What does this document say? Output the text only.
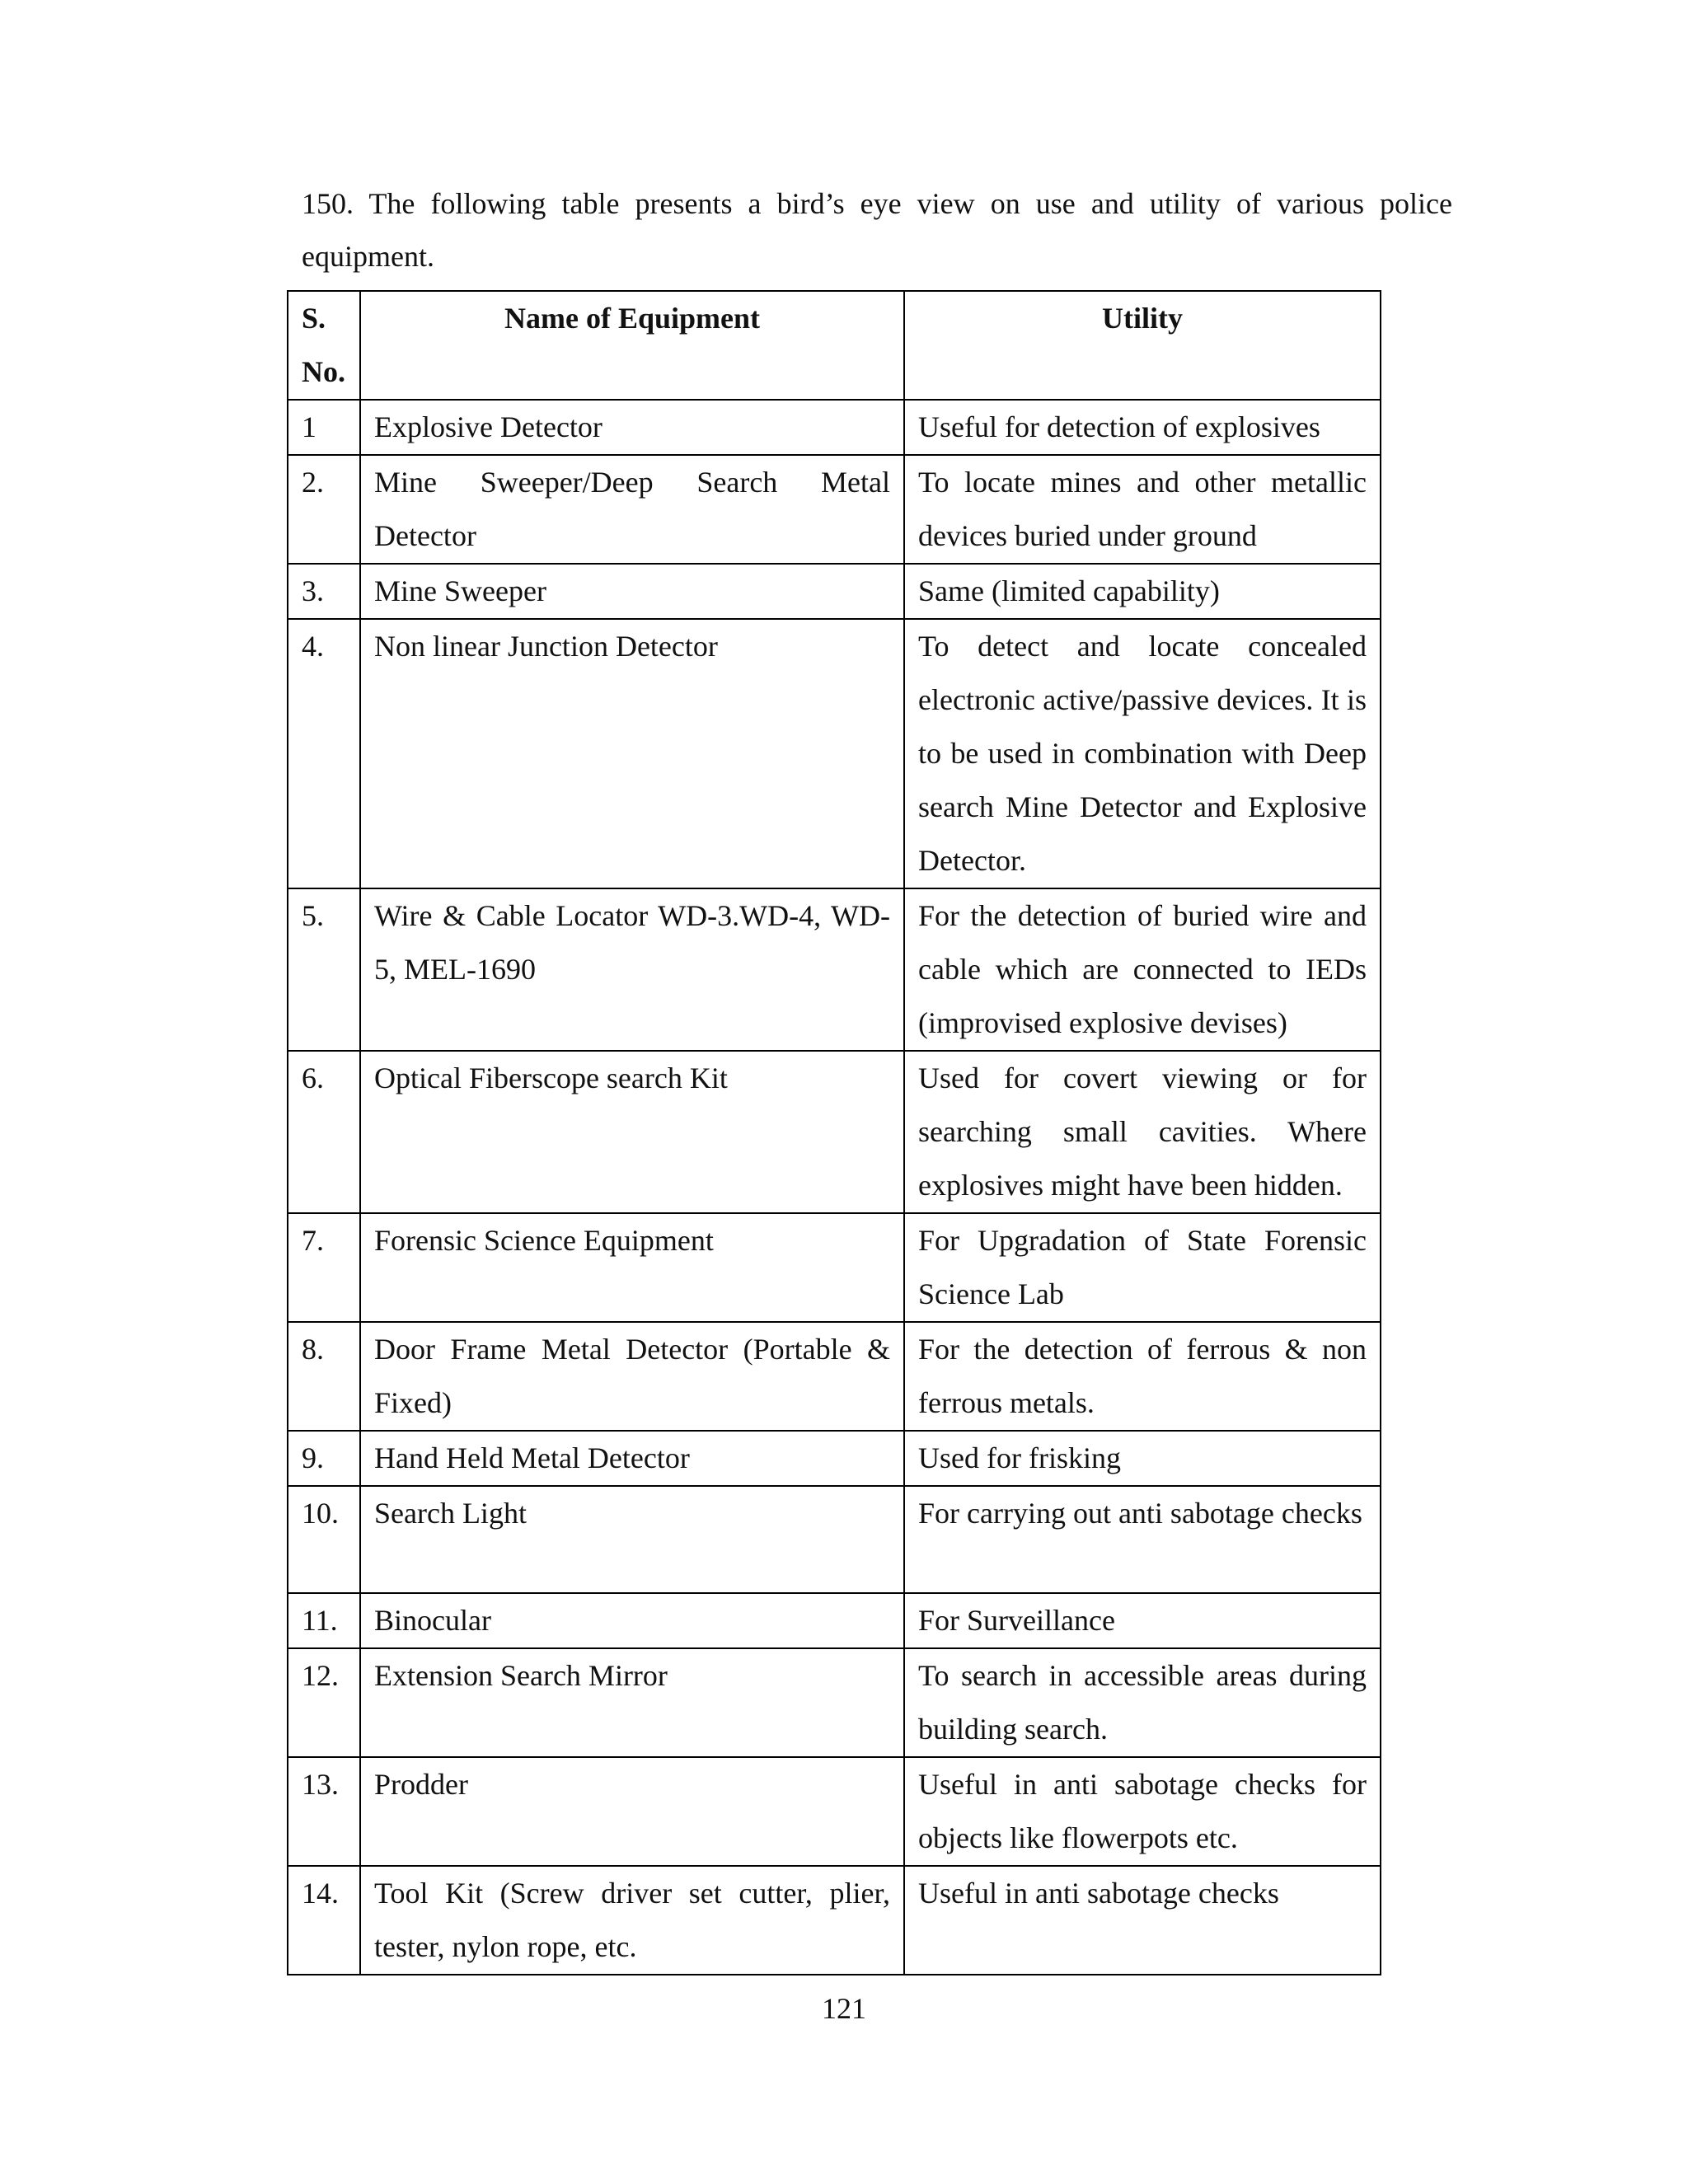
150. The following table presents a bird’s eye view on use and utility of various police equipment.

S. No.	Name of Equipment	Utility
1	Explosive Detector	Useful for detection of explosives
2.	Mine Sweeper/Deep Search Metal Detector	To locate mines and other metallic devices buried under ground
3.	Mine Sweeper	Same (limited capability)
4.	Non linear Junction Detector	To detect and locate concealed electronic active/passive devices. It is to be used in combination with Deep search Mine Detector and Explosive Detector.
5.	Wire & Cable Locator WD-3.WD-4, WD-5, MEL-1690	For the detection of buried wire and cable which are connected to IEDs (improvised explosive devises)
6.	Optical Fiberscope search Kit	Used for covert viewing or for searching small cavities. Where explosives might have been hidden.
7.	Forensic Science Equipment	For Upgradation of State Forensic Science Lab
8.	Door Frame Metal Detector (Portable & Fixed)	For the detection of ferrous & non ferrous metals.
9.	Hand Held Metal Detector	Used for frisking
10.	Search Light	For carrying out anti sabotage checks
11.	Binocular	For Surveillance
12.	Extension Search Mirror	To search in accessible areas during building search.
13.	Prodder	Useful in anti sabotage checks for objects like flowerpots etc.
14.	Tool Kit (Screw driver set cutter, plier, tester, nylon rope, etc.	Useful in anti sabotage checks
121
